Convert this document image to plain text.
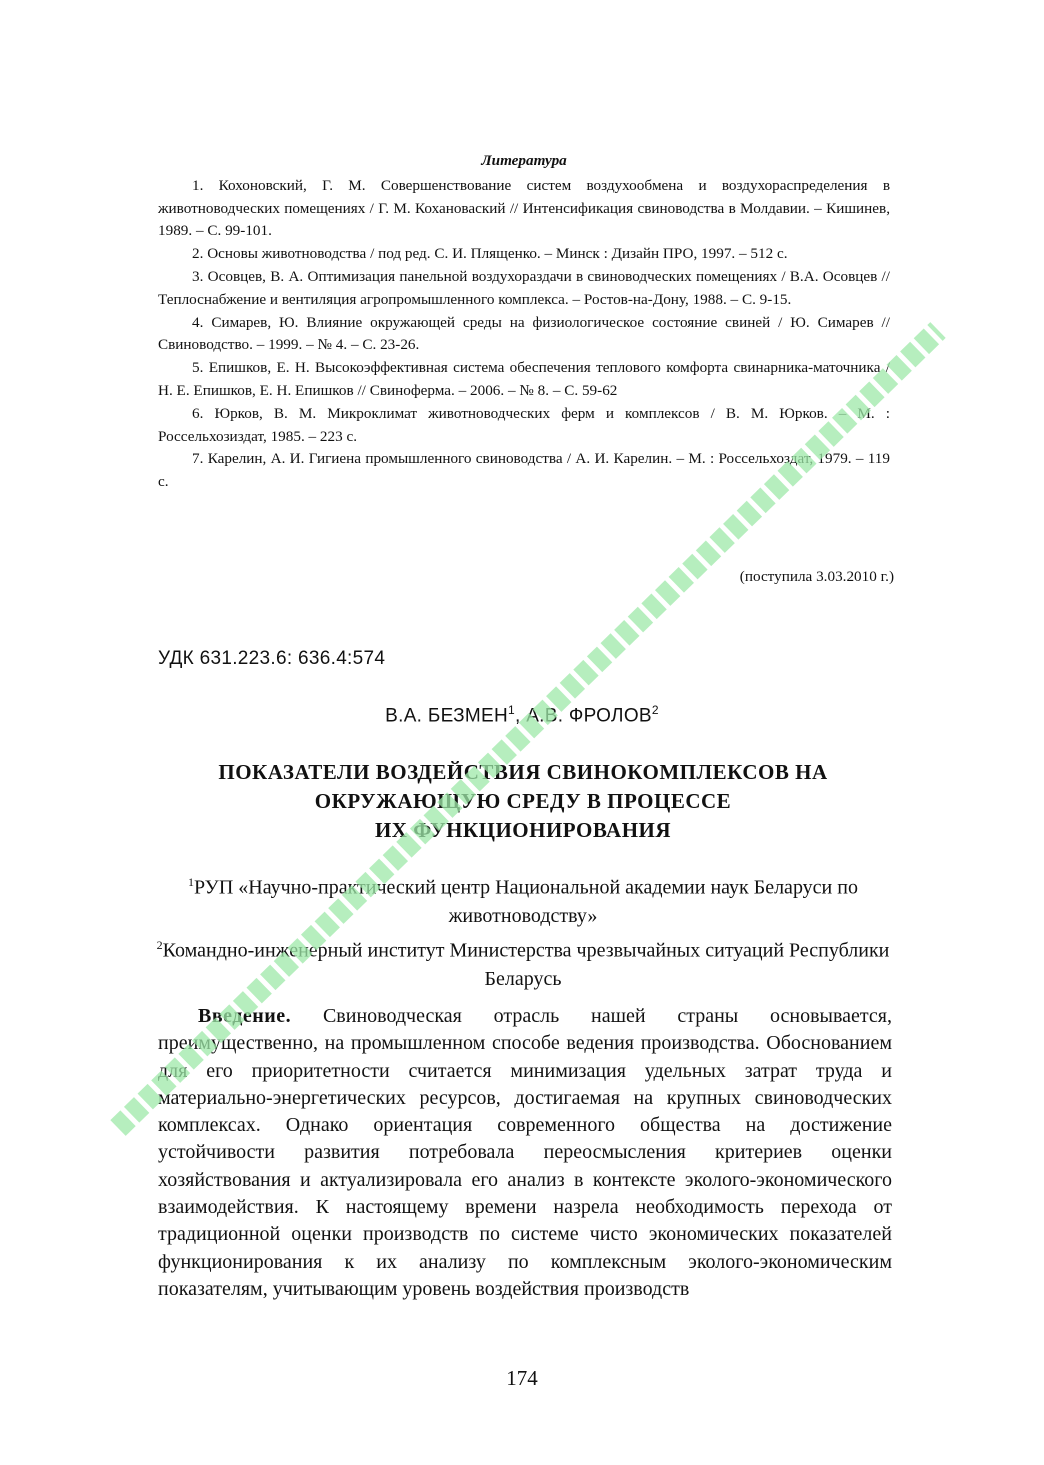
Литература

1. Кохоновский, Г. М. Совершенствование систем воздухообмена и воздухораспределения в животноводческих помещениях / Г. М. Кохановаский // Интенсификация свиноводства в Молдавии. – Кишинев, 1989. – С. 99-101.

2. Основы животноводства / под ред. С. И. Плященко. – Минск : Дизайн ПРО, 1997. – 512 с.

3. Осовцев, В. А. Оптимизация панельной воздухораздачи в свиноводческих помещениях / В.А. Осовцев // Теплоснабжение и вентиляция агропромышленного комплекса. – Ростов-на-Дону, 1988. – С. 9-15.

4. Симарев, Ю. Влияние окружающей среды на физиологическое состояние свиней / Ю. Симарев // Свиноводство. – 1999. – № 4. – С. 23-26.

5. Епишков, Е. Н. Высокоэффективная система обеспечения теплового комфорта свинарника-маточника / Н. Е. Епишков, Е. Н. Епишков // Свиноферма. – 2006. – № 8. – С. 59-62

6. Юрков, В. М. Микроклимат животноводческих ферм и комплексов / В. М. Юрков. – М. : Россельхозиздат, 1985. – 223 с.

7. Карелин, А. И. Гигиена промышленного свиноводства / А. И. Карелин. – М. : Россельхоздат, 1979. – 119 с.

(поступила 3.03.2010 г.)
УДК 631.223.6: 636.4:574
В.А. БЕЗМЕН$^1$, А.В. ФРОЛОВ$^2$
ПОКАЗАТЕЛИ ВОЗДЕЙСТВИЯ СВИНОКОМПЛЕКСОВ НА
ОКРУЖАЮЩУЮ СРЕДУ В ПРОЦЕССЕ
ИХ ФУНКЦИОНИРОВАНИЯ

$^1$РУП «Научно-практический центр Национальной академии наук Беларуси по животноводству»

$^2$Командно-инженерный институт Министерства чрезвычайных ситуаций Республики Беларусь

Введение. Свиноводческая отрасль нашей страны основывается, преимущественно, на промышленном способе ведения производства. Обоснованием для его приоритетности считается минимизация удельных затрат труда и материально-энергетических ресурсов, достигаемая на крупных свиноводческих комплексах. Однако ориентация современного общества на достижение устойчивости развития потребовала переосмысления критериев оценки хозяйствования и актуализировала его анализ в контексте эколого-экономического взаимодействия. К настоящему времени назрела необходимость перехода от традиционной оценки производств по системе чисто экономических показателей функционирования к их анализу по комплексным эколого-экономическим показателям, учитывающим уровень воздействия производств

174
